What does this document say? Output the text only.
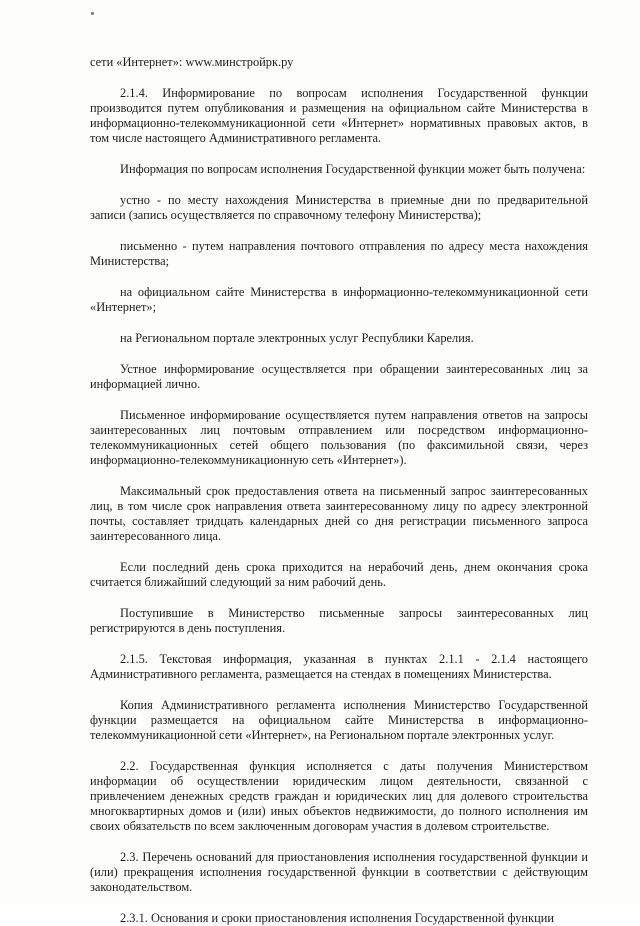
сети «Интернет»: www.минстройрк.ру

2.1.4. Информирование по вопросам исполнения Государственной функции производится путем опубликования и размещения на официальном сайте Министерства в информационно-телекоммуникационной сети «Интернет» нормативных правовых актов, в том числе настоящего Административного регламента.

Информация по вопросам исполнения Государственной функции может быть получена:

устно - по месту нахождения Министерства в приемные дни по предварительной записи (запись осуществляется по справочному телефону Министерства);

письменно - путем направления почтового отправления по адресу места нахождения Министерства;

на официальном сайте Министерства в информационно-телекоммуникационной сети «Интернет»;

на Региональном портале электронных услуг Республики Карелия.

Устное информирование осуществляется при обращении заинтересованных лиц за информацией лично.

Письменное информирование осуществляется путем направления ответов на запросы заинтересованных лиц почтовым отправлением или посредством информационно-телекоммуникационных сетей общего пользования (по факсимильной связи, через информационно-телекоммуникационную сеть «Интернет»).

Максимальный срок предоставления ответа на письменный запрос заинтересованных лиц, в том числе срок направления ответа заинтересованному лицу по адресу электронной почты, составляет тридцать календарных дней со дня регистрации письменного запроса заинтересованного лица.

Если последний день срока приходится на нерабочий день, днем окончания срока считается ближайший следующий за ним рабочий день.

Поступившие в Министерство письменные запросы заинтересованных лиц регистрируются в день поступления.

2.1.5. Текстовая информация, указанная в пунктах 2.1.1 - 2.1.4 настоящего Административного регламента, размещается на стендах в помещениях Министерства.

Копия Административного регламента исполнения Министерство Государственной функции размещается на официальном сайте Министерства в информационно-телекоммуникационной сети «Интернет», на Региональном портале электронных услуг.

2.2. Государственная функция исполняется с даты получения Министерством информации об осуществлении юридическим лицом деятельности, связанной с привлечением денежных средств граждан и юридических лиц для долевого строительства многоквартирных домов и (или) иных объектов недвижимости, до полного исполнения им своих обязательств по всем заключенным договорам участия в долевом строительстве.

2.3. Перечень оснований для приостановления исполнения государственной функции и (или) прекращения исполнения государственной функции в соответствии с действующим законодательством.

2.3.1. Основания и сроки приостановления исполнения Государственной функции
